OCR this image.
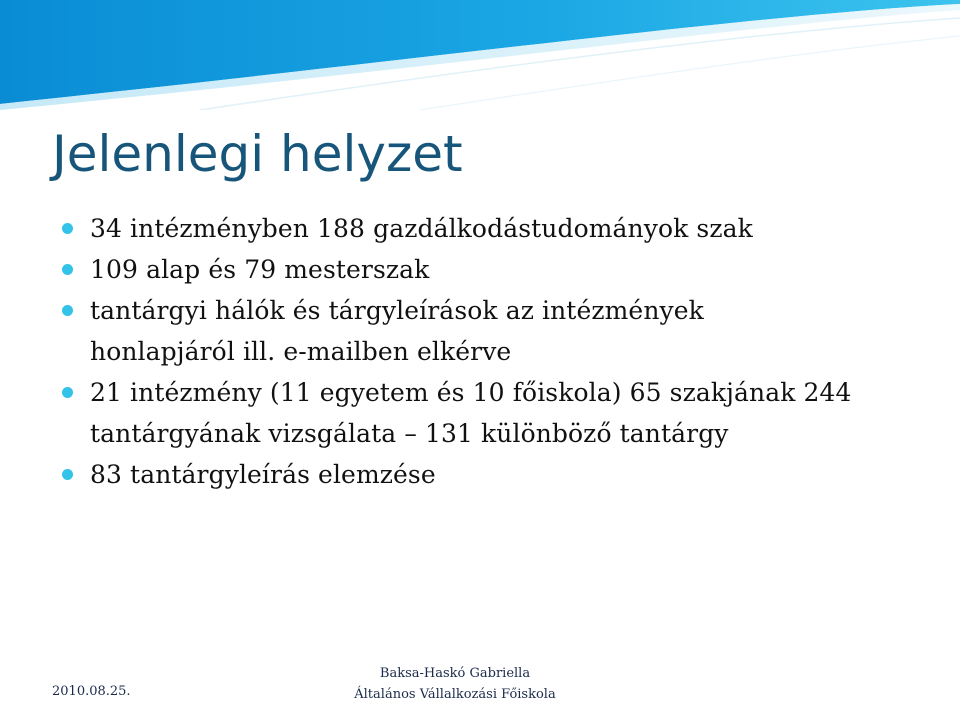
Jelenlegi helyzet
34 intézményben 188 gazdálkodástudományok szak
109 alap és 79 mesterszak
tantárgyi hálók és tárgyleírások az intézmények honlapjáról ill. e-mailben elkérve
21 intézmény (11 egyetem és 10 főiskola) 65 szakjának 244 tantárgyának vizsgálata – 131 különböző tantárgy
83 tantárgyleírás elemzése
2010.08.25.
Baksa-Haskó Gabriella
Általános Vállalkozási Főiskola
